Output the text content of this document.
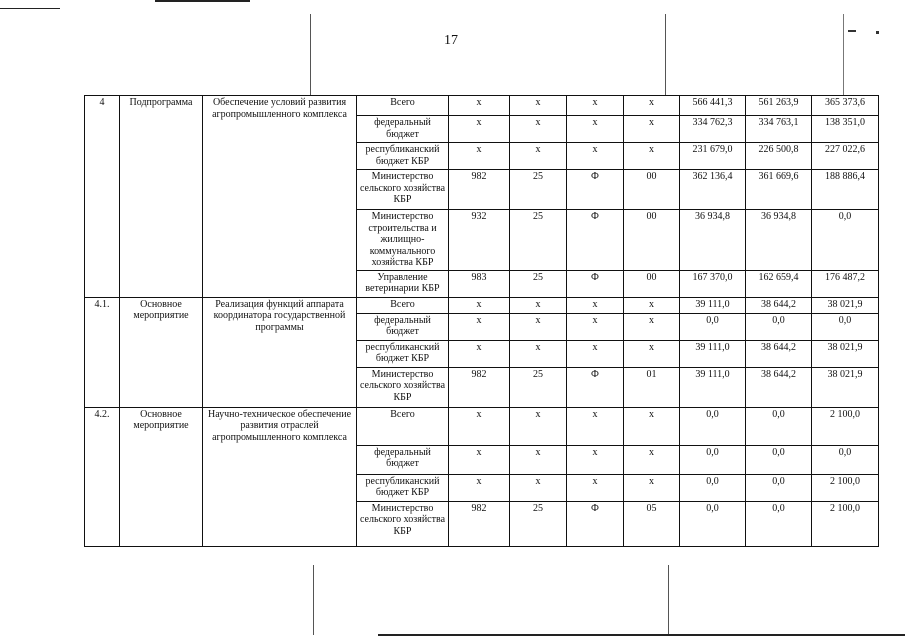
17
4	Подпрограмма	Обеспечение условий развития агропромышленного комплекса	Всего	х	х	х	х	566 441,3	561 263,9	365 373,6
			федеральный бюджет	х	х	х	х	334 762,3	334 763,1	138 351,0
			республиканский бюджет КБР	х	х	х	х	231 679,0	226 500,8	227 022,6
			Министерство сельского хозяйства КБР	982	25	Ф	00	362 136,4	361 669,6	188 886,4
			Министерство строительства и жилищно-коммунального хозяйства КБР	932	25	Ф	00	36 934,8	36 934,8	0,0
			Управление ветеринарии КБР	983	25	Ф	00	167 370,0	162 659,4	176 487,2
4.1.	Основное мероприятие	Реализация функций аппарата координатора государственной программы	Всего	х	х	х	х	39 111,0	38 644,2	38 021,9
			федеральный бюджет	х	х	х	х	0,0	0,0	0,0
			республиканский бюджет КБР	х	х	х	х	39 111,0	38 644,2	38 021,9
			Министерство сельского хозяйства КБР	982	25	Ф	01	39 111,0	38 644,2	38 021,9
4.2.	Основное мероприятие	Научно-техническое обеспечение развития отраслей агропромышленного комплекса	Всего	х	х	х	х	0,0	0,0	2 100,0
			федеральный бюджет	х	х	х	х	0,0	0,0	0,0
			республиканский бюджет КБР	х	х	х	х	0,0	0,0	2 100,0
			Министерство сельского хозяйства КБР	982	25	Ф	05	0,0	0,0	2 100,0
